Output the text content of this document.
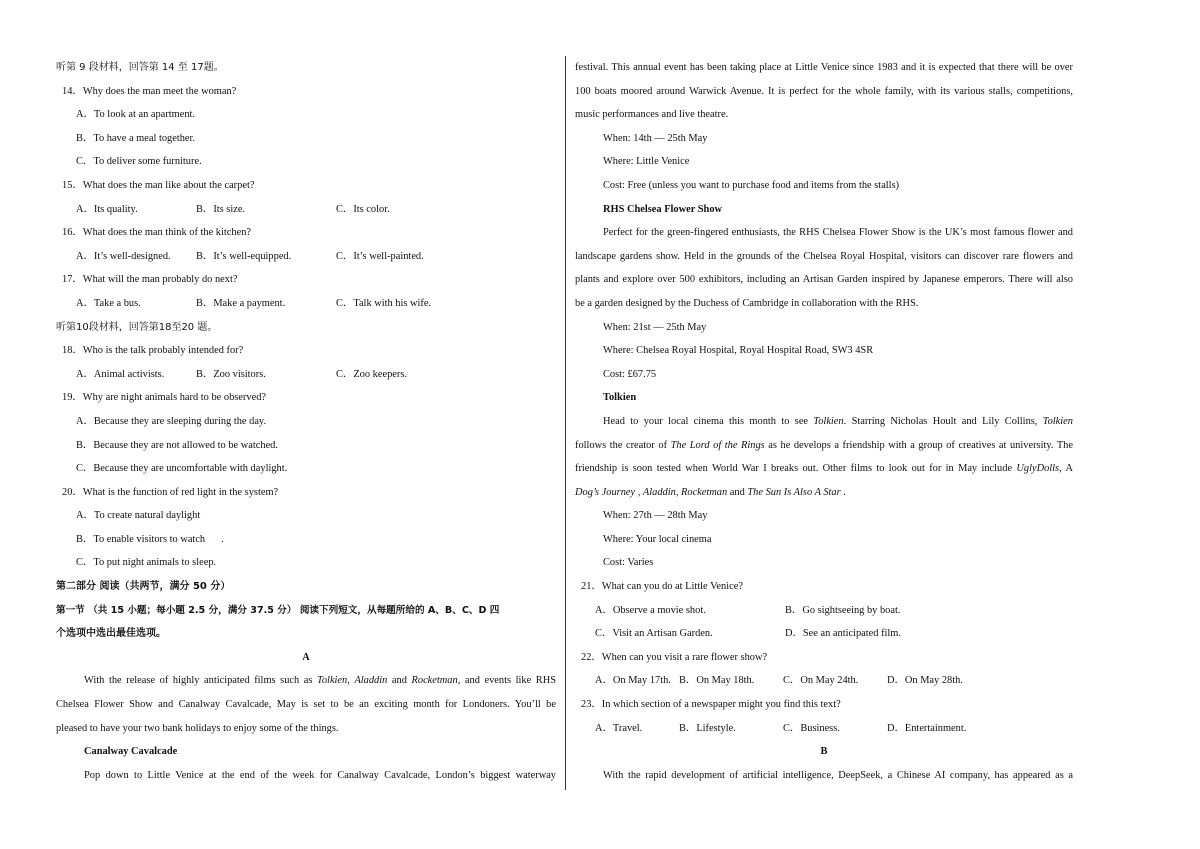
听第 9 段材料，回答第 14 至 17题。
14．Why does the man meet the woman?
A．To look at an apartment.
B．To have a meal together.
C．To deliver some furniture.
15．What does the man like about the carpet?
A．Its quality.	B．Its size.	C．Its color.
16．What does the man think of the kitchen?
A．It’s well-designed.	B．It’s well-equipped.	C．It’s well-painted.
17．What will the man probably do next?
A．Take a bus.	B．Make a payment.	C．Talk with his wife.
听第10段材料，回答第18至20 题。
18．Who is the talk probably intended for?
A．Animal activists.	B．Zoo visitors.	C．Zoo keepers.
19．Why are night animals hard to be observed?
A．Because they are sleeping during the day.
B．Because they are not allowed to be watched.
C．Because they are uncomfortable with daylight.
20．What is the function of red light in the system?
A．To create natural daylight
B．To enable visitors to watch .
C．To put night animals to sleep.
第二部分 阅读（共两节，满分 50 分）
第一节 （共 15 小题；每小题 2.5 分，满分 37.5 分） 阅读下列短文，从每题所给的 A、B、C、D 四
个选项中选出最佳选项。
A
With the release of highly anticipated films such as Tolkien, Aladdin and Rocketman, and events like RHS
Chelsea Flower Show and Canalway Cavalcade, May is set to be an exciting month for Londoners. You’ll be
pleased to have your two bank holidays to enjoy some of the things.
Canalway Cavalcade
Pop down to Little Venice at the end of the week for Canalway Cavalcade, London’s biggest waterway
festival. This annual event has been taking place at Little Venice since 1983 and it is expected that there will be over
100 boats moored around Warwick Avenue. It is perfect for the whole family, with its various stalls, competitions,
music performances and live theatre.
When: 14th — 25th May
Where: Little Venice
Cost: Free (unless you want to purchase food and items from the stalls)
RHS Chelsea Flower Show
Perfect for the green-fingered enthusiasts, the RHS Chelsea Flower Show is the UK’s most famous flower and
landscape gardens show. Held in the grounds of the Chelsea Royal Hospital, visitors can discover rare flowers and
plants and explore over 500 exhibitors, including an Artisan Garden inspired by Japanese emperors. There will also
be a garden designed by the Duchess of Cambridge in collaboration with the RHS.
When: 21st — 25th May
Where: Chelsea Royal Hospital, Royal Hospital Road, SW3 4SR
Cost: £67.75
Tolkien
Head to your local cinema this month to see Tolkien. Starring Nicholas Hoult and Lily Collins, Tolkien
follows the creator of The Lord of the Rings as he develops a friendship with a group of creatives at university. The
friendship is soon tested when World War I breaks out. Other films to look out for in May include UglyDolls, A
Dog’s Journey , Aladdin, Rocketman and The Sun Is Also A Star .
When: 27th — 28th May
Where: Your local cinema
Cost: Varies
21．What can you do at Little Venice?
A．Observe a movie shot.	B．Go sightseeing by boat.
C．Visit an Artisan Garden.	D．See an anticipated film.
22．When can you visit a rare flower show?
A．On May 17th. B．On May 18th.	C．On May 24th.	D．On May 28th.
23．In which section of a newspaper might you find this text?
A．Travel.	B．Lifestyle.	C．Business.	D．Entertainment.
B
With the rapid development of artificial intelligence, DeepSeek, a Chinese AI company, has appeared as a
